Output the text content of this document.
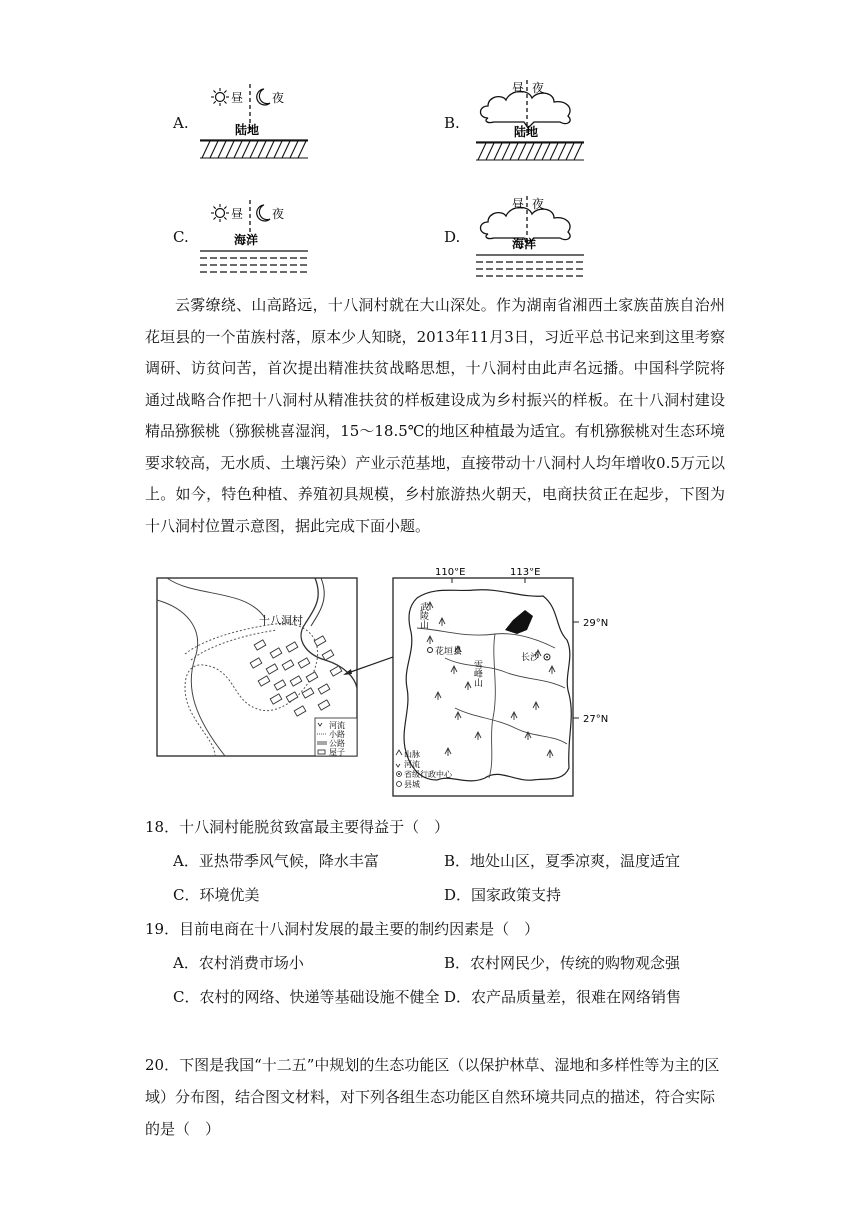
A.
昼 夜
陆地	B.
昼 夜
陆地
C.
昼 夜
海洋	D.
昼 夜
海洋

云雾缭绕、山高路远，十八洞村就在大山深处。作为湖南省湘西土家族苗族自治州花垣县的一个苗族村落，原本少人知晓，2013年11月3日，习近平总书记来到这里考察调研、访贫问苦，首次提出精准扶贫战略思想，十八洞村由此声名远播。中国科学院将通过战略合作把十八洞村从精准扶贫的样板建设成为乡村振兴的样板。在十八洞村建设精品猕猴桃（猕猴桃喜湿润，15～18.5℃的地区种植最为适宜。有机猕猴桃对生态环境要求较高，无水质、土壤污染）产业示范基地，直接带动十八洞村人均年增收0.5万元以上。如今，特色种植、养殖初具规模，乡村旅游热火朝天，电商扶贫正在起步，下图为十八洞村位置示意图，据此完成下面小题。

十八洞村
河流
小路
公路
屋子
110°E	113°E
29°N
27°N
武陵山
花垣县
雪峰山
长沙
山脉
河流
省级行政中心
县城
18．十八洞村能脱贫致富最主要得益于（　）
A．亚热带季风气候，降水丰富	B．地处山区，夏季凉爽，温度适宜
C．环境优美	D．国家政策支持
19．目前电商在十八洞村发展的最主要的制约因素是（　）
A．农村消费市场小	B．农村网民少，传统的购物观念强
C．农村的网络、快递等基础设施不健全 D．农产品质量差，很难在网络销售
20．下图是我国“十二五”中规划的生态功能区（以保护林草、湿地和多样性等为主的区
域）分布图，结合图文材料，对下列各组生态功能区自然环境共同点的描述，符合实际
的是（　）
